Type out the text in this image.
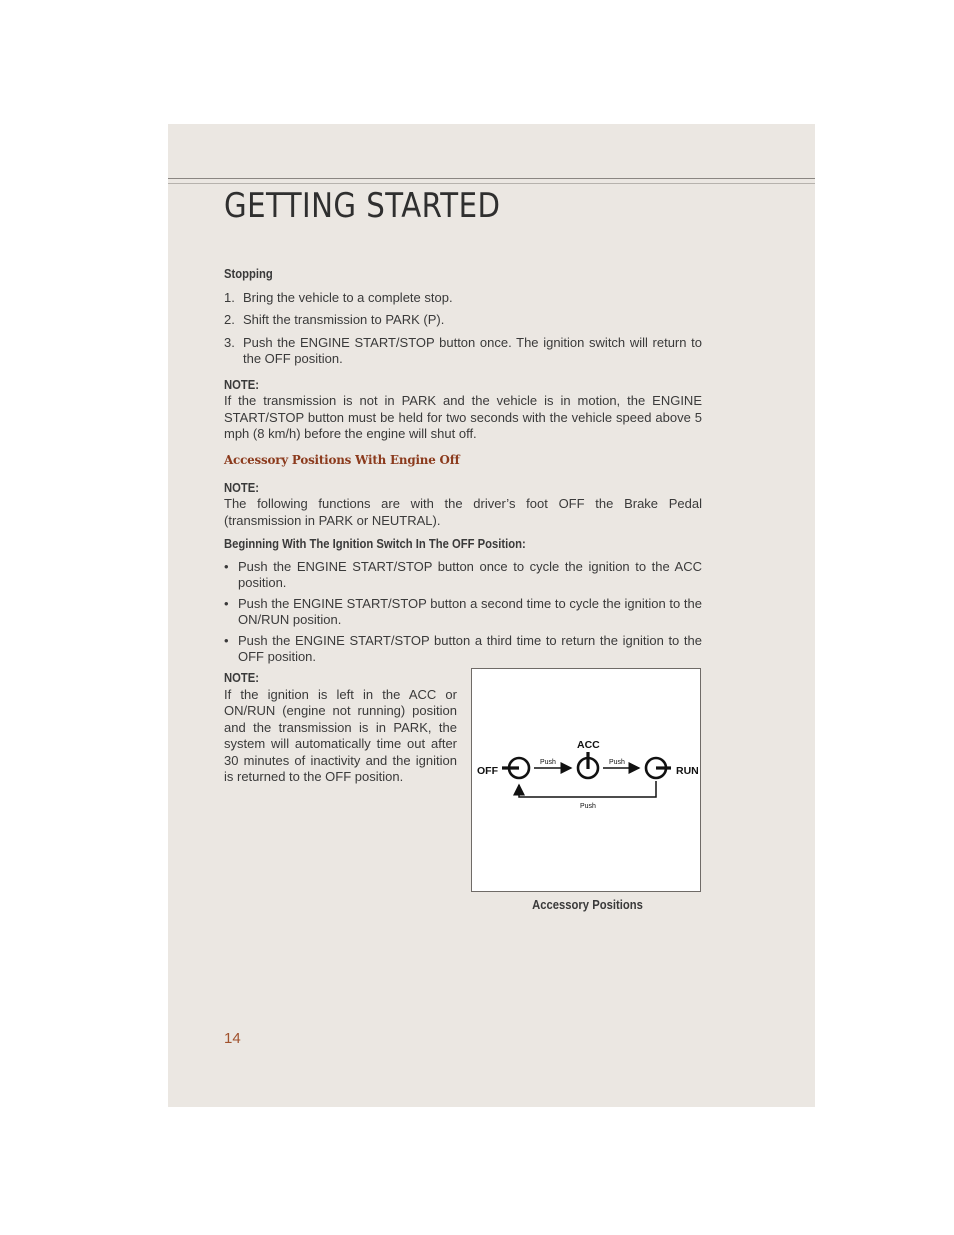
GETTING STARTED
Stopping
1. Bring the vehicle to a complete stop.
2. Shift the transmission to PARK (P).
3. Push the ENGINE START/STOP button once. The ignition switch will return to the OFF position.
NOTE:
If the transmission is not in PARK and the vehicle is in motion, the ENGINE START/STOP button must be held for two seconds with the vehicle speed above 5 mph (8 km/h) before the engine will shut off.
Accessory Positions With Engine Off
NOTE:
The following functions are with the driver’s foot OFF the Brake Pedal (transmission in PARK or NEUTRAL).
Beginning With The Ignition Switch In The OFF Position:
• Push the ENGINE START/STOP button once to cycle the ignition to the ACC position.
• Push the ENGINE START/STOP button a second time to cycle the ignition to the ON/RUN position.
• Push the ENGINE START/STOP button a third time to return the ignition to the OFF position.
NOTE:
If the ignition is left in the ACC or ON/RUN (engine not running) position and the transmission is in PARK, the system will automatically time out after 30 minutes of inactivity and the ignition is returned to the OFF position.	OFF
ACC
RUN
Push	Push
Push
Accessory Positions
14
